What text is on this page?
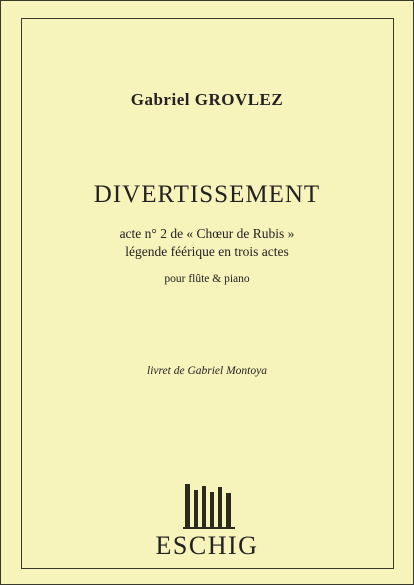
Gabriel GROVLEZ
DIVERTISSEMENT
acte n° 2 de « Chœur de Rubis »
légende féérique en trois actes
pour flûte & piano
livret de Gabriel Montoya
ESCHIG
